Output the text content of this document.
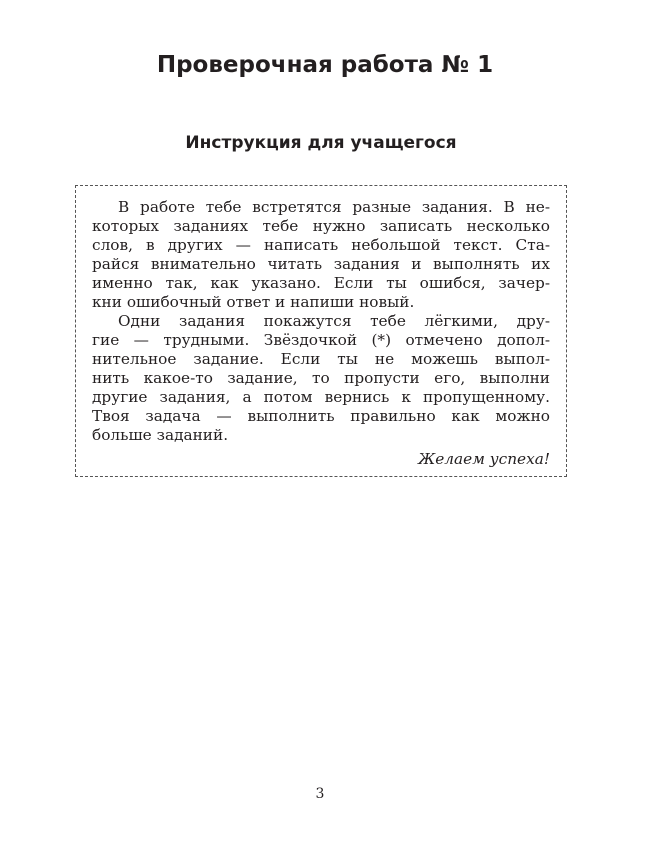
Проверочная работа № 1
Инструкция для учащегося
В работе тебе встретятся разные задания. В не-
которых заданиях тебе нужно записать несколько
слов, в других — написать небольшой текст. Ста-
райся внимательно читать задания и выполнять их
именно так, как указано. Если ты ошибся, зачер-
кни ошибочный ответ и напиши новый.
Одни задания покажутся тебе лёгкими, дру-
гие — трудными. Звёздочкой (*) отмечено допол-
нительное задание. Если ты не можешь выпол-
нить какое-то задание, то пропусти его, выполни
другие задания, а потом вернись к пропущенному.
Твоя задача — выполнить правильно как можно
больше заданий.
Желаем успеха!
3
